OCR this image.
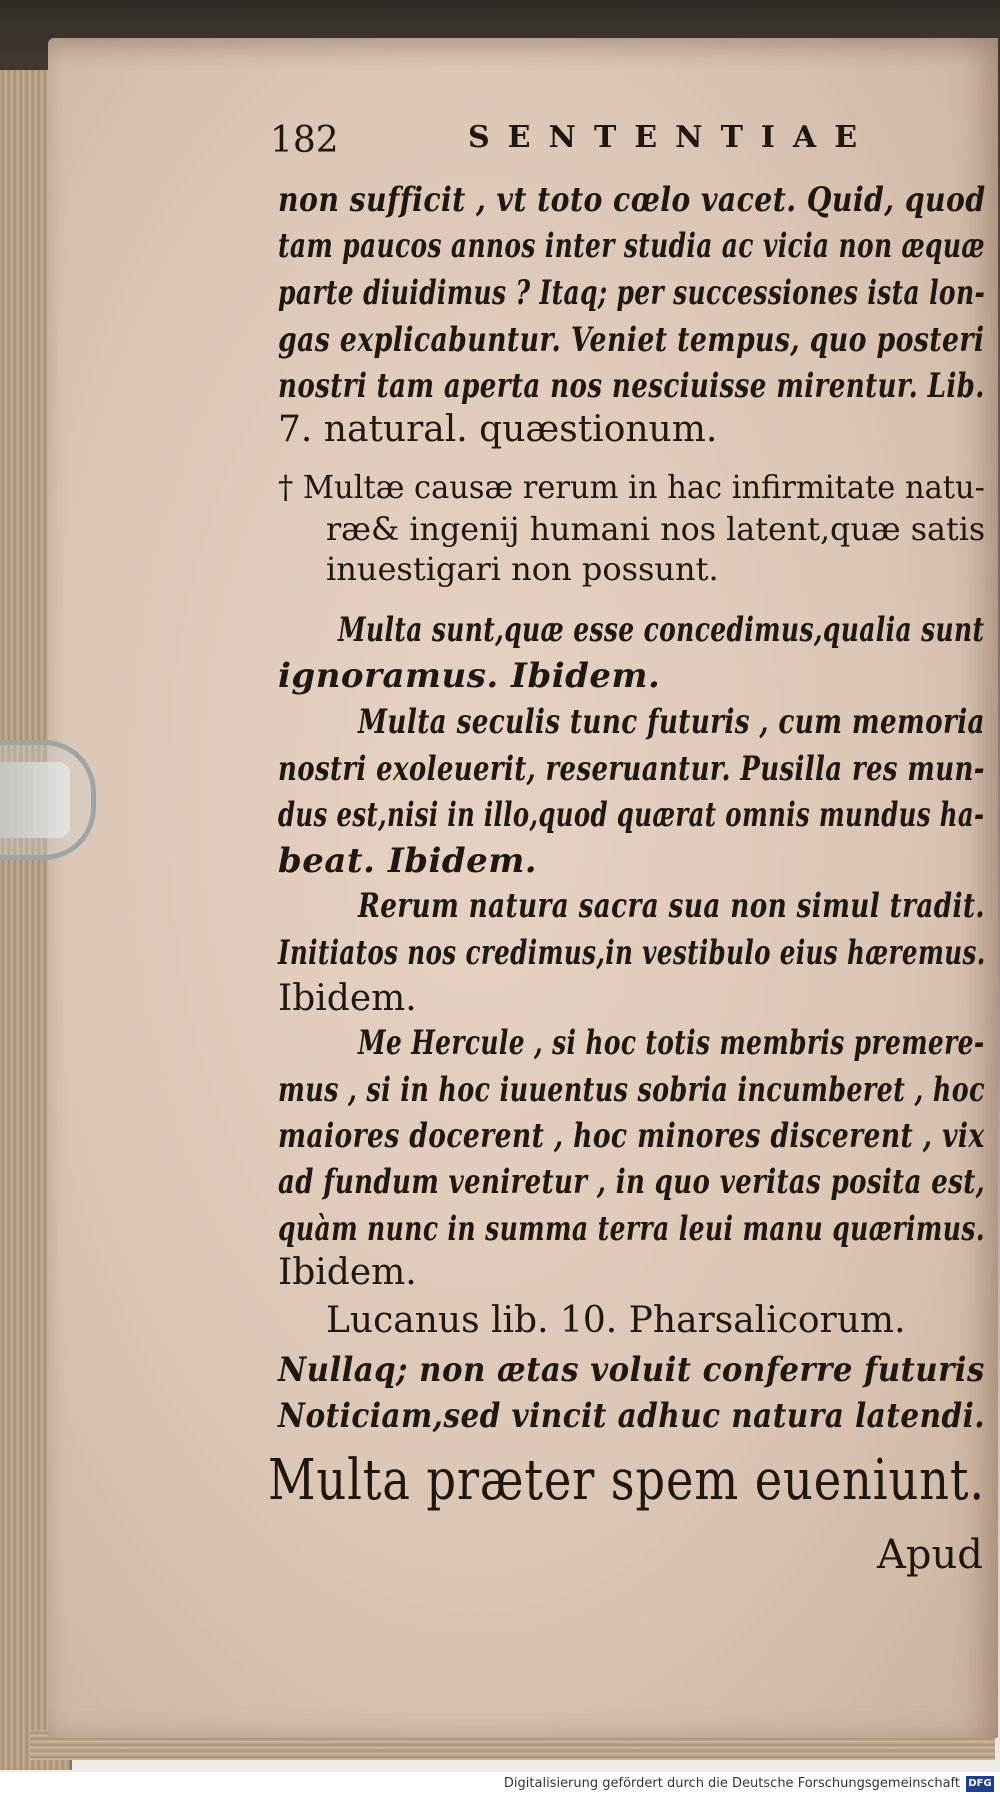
182	SENTENTIAE
non sufficit , vt toto cœlo vacet. Quid, quod
tam paucos annos inter studia ac vicia non æquæ
parte diuidimus ? Itaq; per successiones ista lon-
gas explicabuntur. Veniet tempus, quo posteri
nostri tam aperta nos nesciuisse mirentur. Lib.
7. natural. quæstionum.
† Multæ causæ rerum in hac infirmitate natu-
ræ& ingenij humani nos latent,quæ satis
inuestigari non possunt.
Multa sunt,quæ esse concedimus,qualia sunt
ignoramus. Ibidem.
Multa seculis tunc futuris , cum memoria
nostri exoleuerit, reseruantur. Pusilla res mun-
dus est,nisi in illo,quod quærat omnis mundus ha-
beat. Ibidem.
Rerum natura sacra sua non simul tradit.
Initiatos nos credimus,in vestibulo eius hæremus.
Ibidem.
Me Hercule , si hoc totis membris premere-
mus , si in hoc iuuentus sobria incumberet , hoc
maiores docerent , hoc minores discerent , vix
ad fundum veniretur , in quo veritas posita est,
quàm nunc in summa terra leui manu quærimus.
Ibidem.
Lucanus lib. 10. Pharsalicorum.
Nullaq; non ætas voluit conferre futuris
Noticiam,sed vincit adhuc natura latendi.
Multa præter spem eueniunt.
Apud
Digitalisierung gefördert durch die Deutsche Forschungsgemeinschaft DFG
